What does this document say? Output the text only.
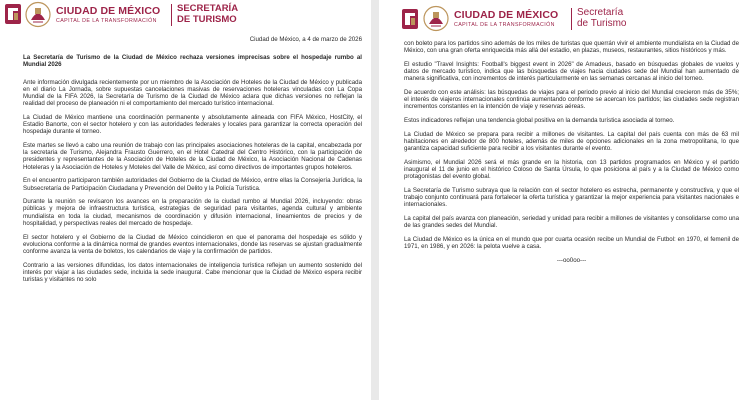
CIUDAD DE MÉXICO
CAPITAL DE LA TRANSFORMACIÓN
SECRETARÍA
DE TURISMO

Ciudad de México, a 4 de marzo de 2026

La Secretaría de Turismo de la Ciudad de México rechaza versiones imprecisas sobre el hospedaje rumbo al Mundial 2026

Ante información divulgada recientemente por un miembro de la Asociación de Hoteles de la Ciudad de México y publicada en el diario La Jornada, sobre supuestas cancelaciones masivas de reservaciones hoteleras vinculadas con La Copa Mundial de la FIFA 2026, la Secretaría de Turismo de la Ciudad de México aclara que dichas versiones no reflejan la realidad del proceso de planeación ni el comportamiento del mercado turístico internacional.

La Ciudad de México mantiene una coordinación permanente y absolutamente alineada con FIFA México, HostCity, el Estadio Banorte, con el sector hotelero y con las autoridades federales y locales para garantizar la correcta operación del hospedaje durante el torneo.

Este martes se llevó a cabo una reunión de trabajo con las principales asociaciones hoteleras de la capital, encabezada por la secretaria de Turismo, Alejandra Frausto Guerrero, en el Hotel Catedral del Centro Histórico, con la participación de presidentes y representantes de la Asociación de Hoteles de la Ciudad de México, la Asociación Nacional de Cadenas Hoteleras y la Asociación de Hoteles y Moteles del Valle de México, así como directivos de importantes grupos hoteleros.

En el encuentro participaron también autoridades del Gobierno de la Ciudad de México, entre ellas la Consejería Jurídica, la Subsecretaría de Participación Ciudadana y Prevención del Delito y la Policía Turística.

Durante la reunión se revisaron los avances en la preparación de la ciudad rumbo al Mundial 2026, incluyendo: obras públicas y mejora de infraestructura turística, estrategias de seguridad para visitantes, agenda cultural y ambiente mundialista en toda la ciudad, mecanismos de coordinación y difusión internacional, lineamientos de precios y de hospitalidad, y perspectivas reales del mercado de hospedaje.

El sector hotelero y el Gobierno de la Ciudad de México coincidieron en que el panorama del hospedaje es sólido y evoluciona conforme a la dinámica normal de grandes eventos internacionales, donde las reservas se ajustan gradualmente conforme avanza la venta de boletos, los calendarios de viaje y la confirmación de partidos.

Contrario a las versiones difundidas, los datos internacionales de inteligencia turística reflejan un aumento sostenido del interés por viajar a las ciudades sede, incluida la sede inaugural. Cabe mencionar que la Ciudad de México espera recibir turistas y visitantes no solo

CIUDAD DE MÉXICO
CAPITAL DE LA TRANSFORMACIÓN
Secretaría
de Turismo

con boleto para los partidos sino además de los miles de turistas que querrán vivir el ambiente mundialista en la Ciudad de México, con una gran oferta enriquecida más allá del estadio, en plazas, museos, restaurantes, sitios históricos y más.

El estudio "Travel Insights: Football's biggest event in 2026" de Amadeus, basado en búsquedas globales de vuelos y datos de mercado turístico, indica que las búsquedas de viajes hacia ciudades sede del Mundial han aumentado de manera significativa, con incrementos de interés particularmente en las semanas cercanas al inicio del torneo.

De acuerdo con este análisis: las búsquedas de viajes para el periodo previo al inicio del Mundial crecieron más de 35%; el interés de viajeros internacionales continúa aumentando conforme se acercan los partidos; las ciudades sede registran incrementos constantes en la intención de viaje y reservas aéreas.

Estos indicadores reflejan una tendencia global positiva en la demanda turística asociada al torneo.

La Ciudad de México se prepara para recibir a millones de visitantes. La capital del país cuenta con más de 63 mil habitaciones en alrededor de 800 hoteles, además de miles de opciones adicionales en la zona metropolitana, lo que garantiza capacidad suficiente para recibir a los visitantes durante el evento.

Asimismo, el Mundial 2026 será el más grande en la historia, con 13 partidos programados en México y el partido inaugural el 11 de junio en el histórico Coloso de Santa Úrsula, lo que posiciona al país y a la Ciudad de México como protagonistas del evento global.

La Secretaría de Turismo subraya que la relación con el sector hotelero es estrecha, permanente y constructiva, y que el trabajo conjunto continuará para fortalecer la oferta turística y garantizar la mejor experiencia para visitantes nacionales e internacionales.

La capital del país avanza con planeación, seriedad y unidad para recibir a millones de visitantes y consolidarse como una de las grandes sedes del Mundial.

La Ciudad de México es la única en el mundo que por cuarta ocasión recibe un Mundial de Futbol: en 1970, el femenil de 1971, en 1986, y en 2026: la pelota vuelve a casa.

---oo0oo---
